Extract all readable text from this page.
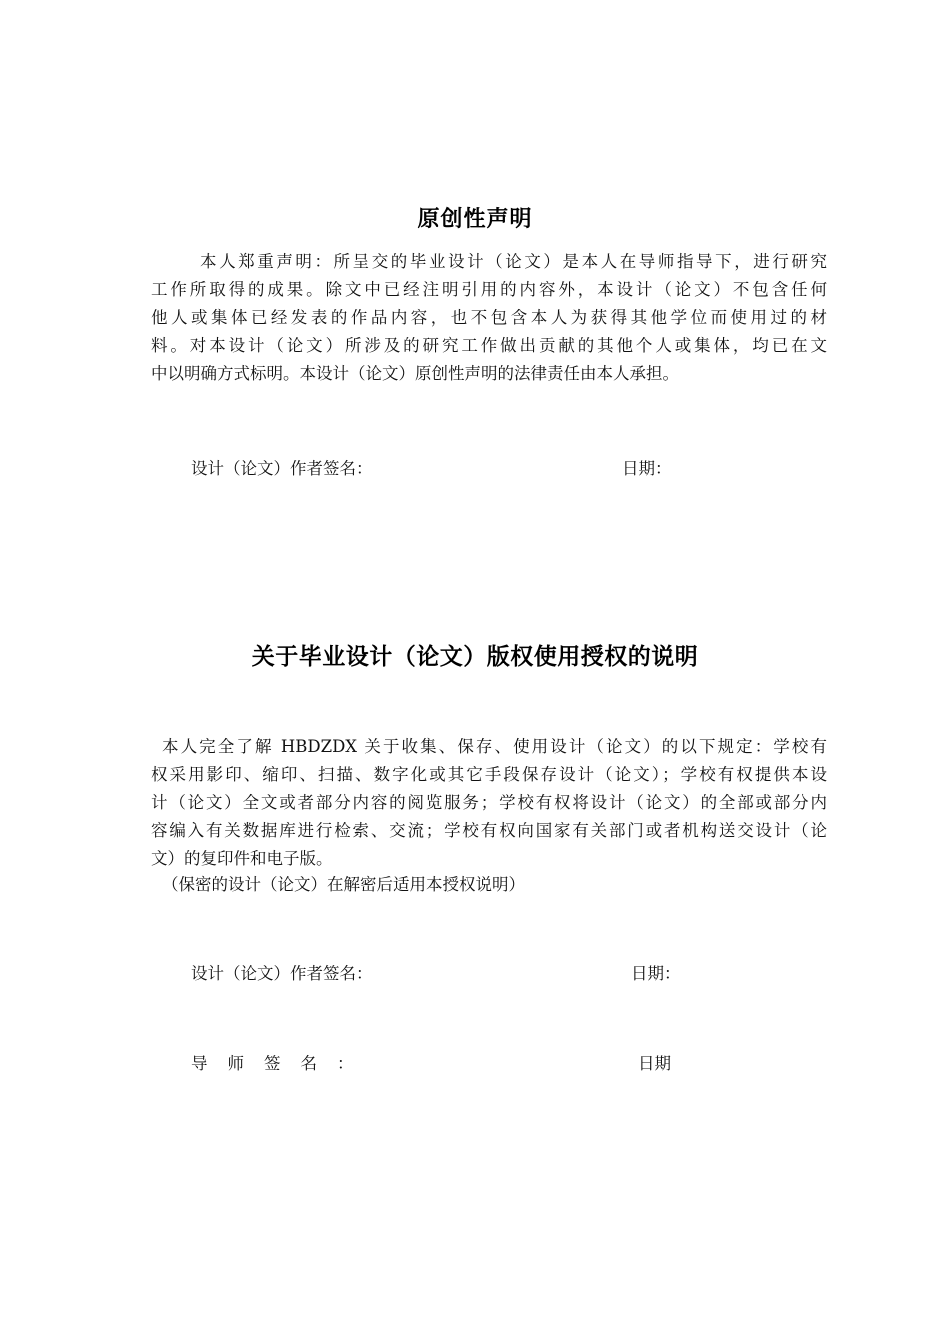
原创性声明
本人郑重声明：所呈交的毕业设计（论文）是本人在导师指导下，进行研究
工作所取得的成果。除文中已经注明引用的内容外，本设计（论文）不包含任何
他人或集体已经发表的作品内容，也不包含本人为获得其他学位而使用过的材
料。对本设计（论文）所涉及的研究工作做出贡献的其他个人或集体，均已在文
中以明确方式标明。本设计（论文）原创性声明的法律责任由本人承担。
设计（论文）作者签名：	日期：
关于毕业设计（论文）版权使用授权的说明
本人完全了解 HBDZDX 关于收集、保存、使用设计（论文）的以下规定：学校有
权采用影印、缩印、扫描、数字化或其它手段保存设计（论文）；学校有权提供本设
计（论文）全文或者部分内容的阅览服务；学校有权将设计（论文）的全部或部分内
容编入有关数据库进行检索、交流；学校有权向国家有关部门或者机构送交设计（论
文）的复印件和电子版。
（保密的设计（论文）在解密后适用本授权说明）
设计（论文）作者签名：	日期：
导师签名：	日期
